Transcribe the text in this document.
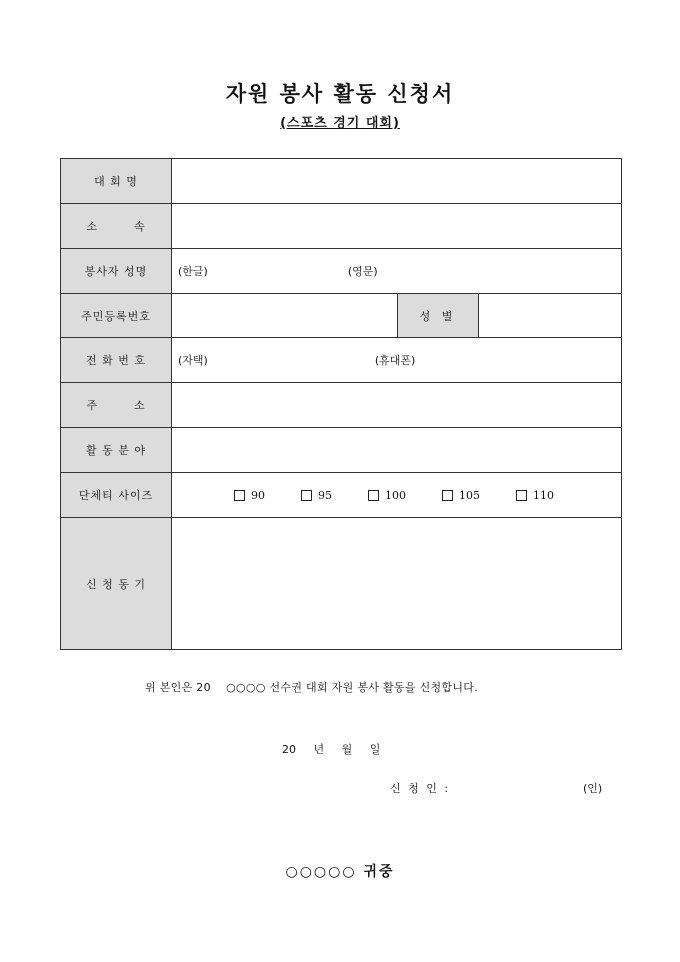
자원 봉사 활동 신청서
(스포츠 경기 대회)
대 회 명			
소        속			
봉사자 성명	(한글) (영문)		
주민등록번호		성 별	
전 화 번 호	(자택) (휴대폰)		
주        소			
활 동 분 야			
단체티 사이즈	90 95 100 105 110		

신 청 동 기			
위 본인은 20    ○○○○ 선수권 대회 자원 봉사 활동을 신청합니다.
20 년 월 일
신 청 인 :	(인)
○○○○○ 귀중
